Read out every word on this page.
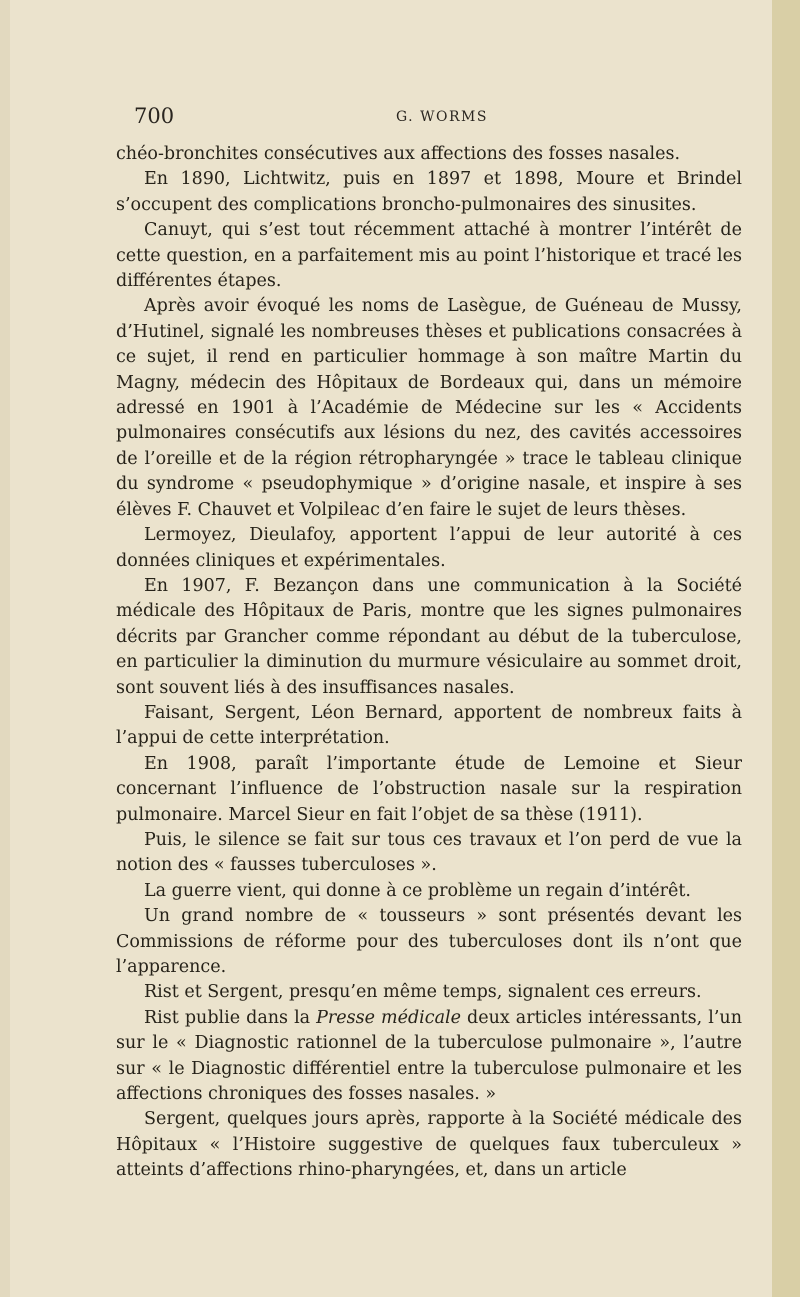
700	G. WORMS

chéo-bronchites consécutives aux affections des fosses nasales.

En 1890, Lichtwitz, puis en 1897 et 1898, Moure et Brindel s’occupent des complications broncho-pulmonaires des sinusites.

Canuyt, qui s’est tout récemment attaché à montrer l’intérêt de cette question, en a parfaitement mis au point l’historique et tracé les différentes étapes.

Après avoir évoqué les noms de Lasègue, de Guéneau de Mussy, d’Hutinel, signalé les nombreuses thèses et publications consacrées à ce sujet, il rend en particulier hommage à son maître Martin du Magny, médecin des Hôpitaux de Bordeaux qui, dans un mémoire adressé en 1901 à l’Académie de Médecine sur les « Accidents pulmonaires consécutifs aux lésions du nez, des cavités accessoires de l’oreille et de la région rétropharyngée » trace le tableau clinique du syndrome « pseudophymique » d’origine nasale, et inspire à ses élèves F. Chauvet et Volpileac d’en faire le sujet de leurs thèses.

Lermoyez, Dieulafoy, apportent l’appui de leur autorité à ces données cliniques et expérimentales.

En 1907, F. Bezançon dans une communication à la Société médicale des Hôpitaux de Paris, montre que les signes pulmonaires décrits par Grancher comme répondant au début de la tuberculose, en particulier la diminution du murmure vésiculaire au sommet droit, sont souvent liés à des insuffisances nasales.

Faisant, Sergent, Léon Bernard, apportent de nombreux faits à l’appui de cette interprétation.

En 1908, paraît l’importante étude de Lemoine et Sieur concernant l’influence de l’obstruction nasale sur la respiration pulmonaire. Marcel Sieur en fait l’objet de sa thèse (1911).

Puis, le silence se fait sur tous ces travaux et l’on perd de vue la notion des « fausses tuberculoses ».

La guerre vient, qui donne à ce problème un regain d’intérêt.

Un grand nombre de « tousseurs » sont présentés devant les Commissions de réforme pour des tuberculoses dont ils n’ont que l’apparence.

Rist et Sergent, presqu’en même temps, signalent ces erreurs.

Rist publie dans la Presse médicale deux articles intéressants, l’un sur le « Diagnostic rationnel de la tuberculose pulmonaire », l’autre sur « le Diagnostic différentiel entre la tuberculose pulmonaire et les affections chroniques des fosses nasales. »

Sergent, quelques jours après, rapporte à la Société médicale des Hôpitaux « l’Histoire suggestive de quelques faux tuberculeux » atteints d’affections rhino-pharyngées, et, dans un article
